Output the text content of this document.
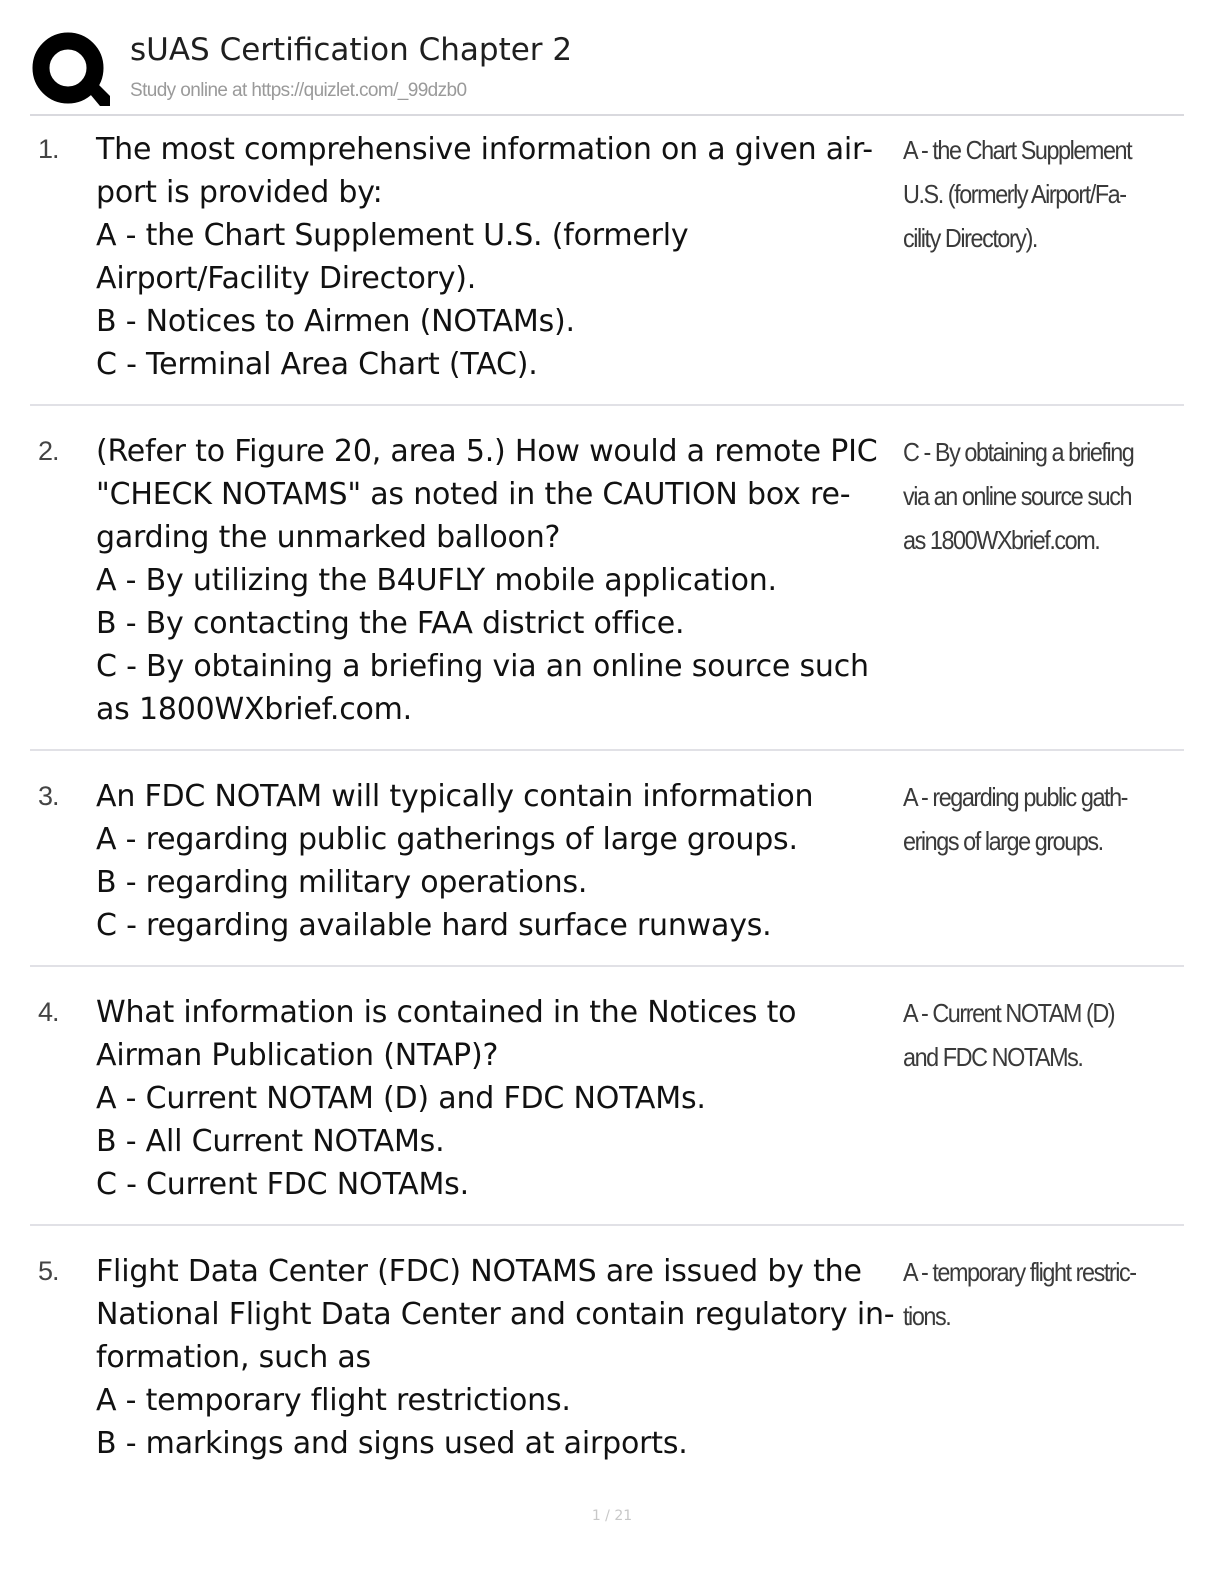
sUAS Certification Chapter 2
Study online at https://quizlet.com/_99dzb0
1. The most comprehensive information on a given air-port is provided by:
A - the Chart Supplement U.S. (formerly Airport/Facility Directory).
B - Notices to Airmen (NOTAMs).
C - Terminal Area Chart (TAC).
A - the Chart Supplement U.S. (formerly Airport/Fa-cility Directory).
2. (Refer to Figure 20, area 5.) How would a remote PIC "CHECK NOTAMS" as noted in the CAUTION box re-garding the unmarked balloon?
A - By utilizing the B4UFLY mobile application.
B - By contacting the FAA district office.
C - By obtaining a briefing via an online source such as 1800WXbrief.com.
C - By obtaining a briefing via an online source such as 1800WXbrief.com.
3. An FDC NOTAM will typically contain information
A - regarding public gatherings of large groups.
B - regarding military operations.
C - regarding available hard surface runways.
A - regarding public gath-erings of large groups.
4. What information is contained in the Notices to Airman Publication (NTAP)?
A - Current NOTAM (D) and FDC NOTAMs.
B - All Current NOTAMs.
C - Current FDC NOTAMs.
A - Current NOTAM (D) and FDC NOTAMs.
5. Flight Data Center (FDC) NOTAMS are issued by the National Flight Data Center and contain regulatory in-formation, such as
A - temporary flight restrictions.
B - markings and signs used at airports.
A - temporary flight restric-tions.
1 / 21
